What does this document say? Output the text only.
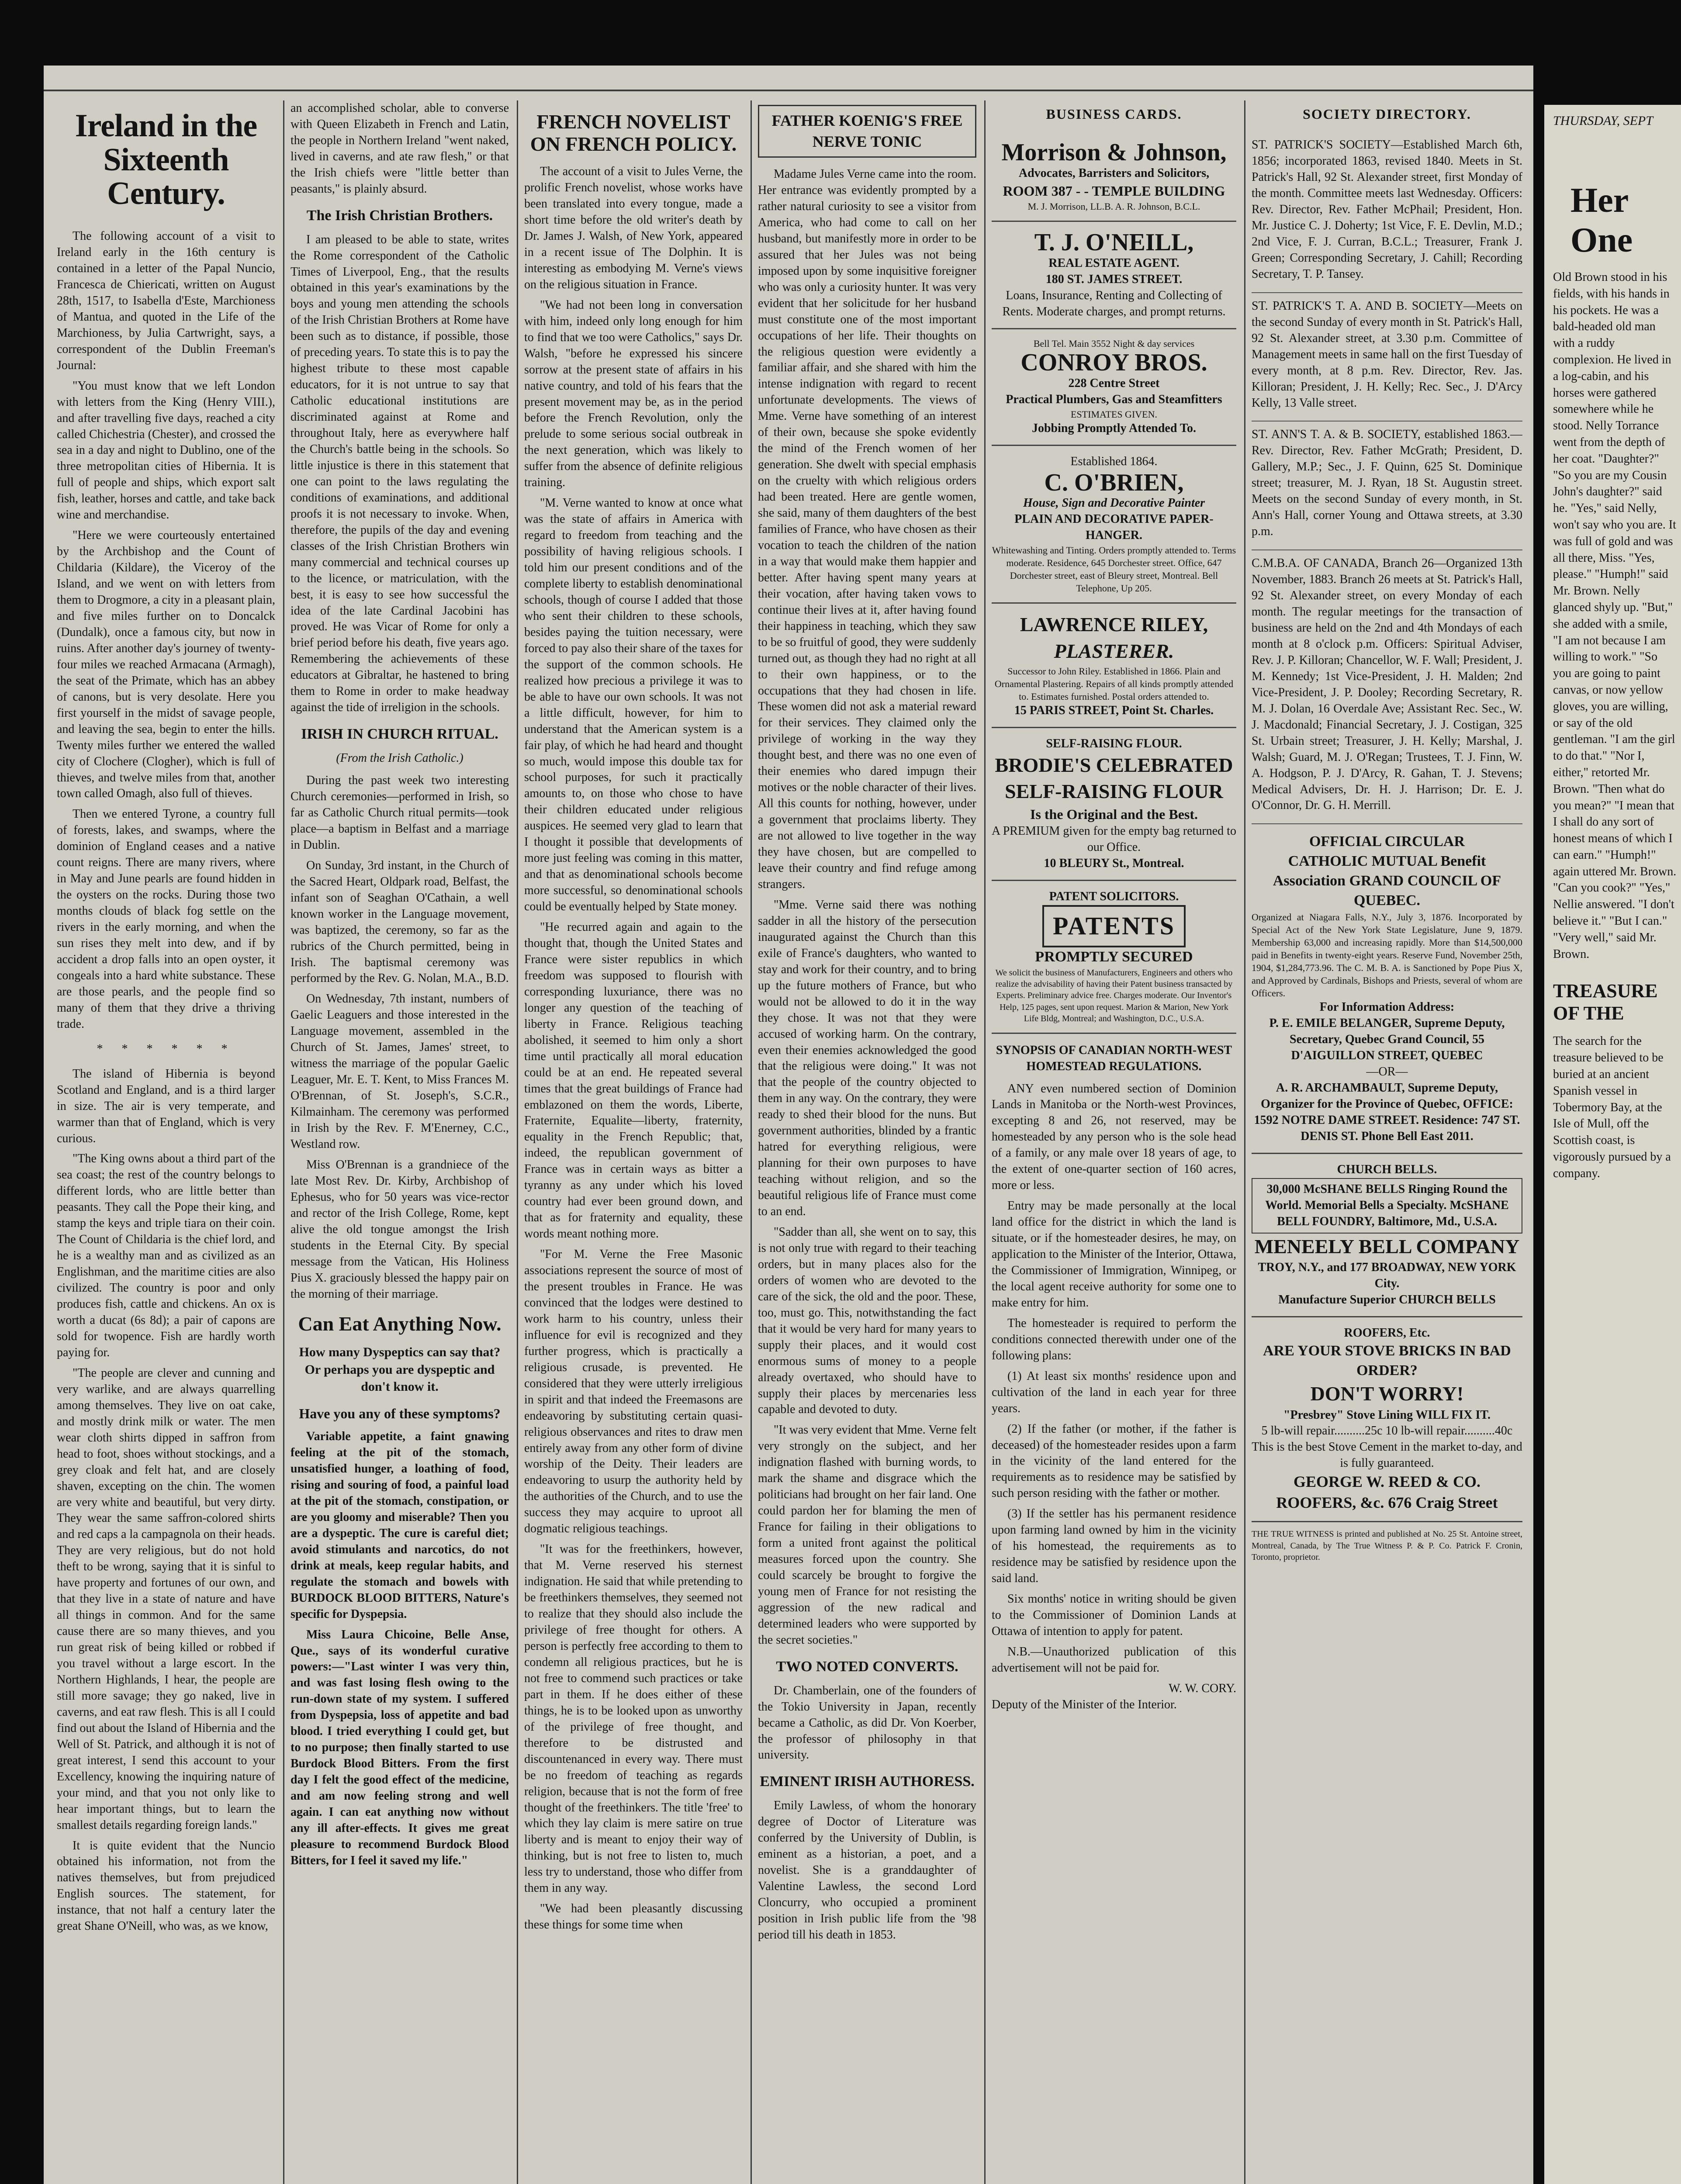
Ireland in the Sixteenth Century.

The following account of a visit to Ireland early in the 16th century is contained in a letter of the Papal Nuncio, Francesca de Chiericati, written on August 28th, 1517, to Isabella d'Este, Marchioness of Mantua, and quoted in the Life of the Marchioness, by Julia Cartwright, says, a correspondent of the Dublin Freeman's Journal:

"You must know that we left London with letters from the King (Henry VIII.), and after travelling five days, reached a city called Chichestria (Chester), and crossed the sea in a day and night to Dublino, one of the three metropolitan cities of Hibernia. It is full of people and ships, which export salt fish, leather, horses and cattle, and take back wine and merchandise.

"Here we were courteously entertained by the Archbishop and the Count of Childaria (Kildare), the Viceroy of the Island, and we went on with letters from them to Drogmore, a city in a pleasant plain, and five miles further on to Doncalck (Dundalk), once a famous city, but now in ruins. After another day's journey of twenty-four miles we reached Armacana (Armagh), the seat of the Primate, which has an abbey of canons, but is very desolate. Here you first yourself in the midst of savage people, and leaving the sea, begin to enter the hills. Twenty miles further we entered the walled city of Clochere (Clogher), which is full of thieves, and twelve miles from that, another town called Omagh, also full of thieves.

Then we entered Tyrone, a country full of forests, lakes, and swamps, where the dominion of England ceases and a native count reigns. There are many rivers, where in May and June pearls are found hidden in the oysters on the rocks. During those two months clouds of black fog settle on the rivers in the early morning, and when the sun rises they melt into dew, and if by accident a drop falls into an open oyster, it congeals into a hard white substance. These are those pearls, and the people find so many of them that they drive a thriving trade.

* * * * * *

The island of Hibernia is beyond Scotland and England, and is a third larger in size. The air is very temperate, and warmer than that of England, which is very curious.

"The King owns about a third part of the sea coast; the rest of the country belongs to different lords, who are little better than peasants. They call the Pope their king, and stamp the keys and triple tiara on their coin. The Count of Childaria is the chief lord, and he is a wealthy man and as civilized as an Englishman, and the maritime cities are also civilized. The country is poor and only produces fish, cattle and chickens. An ox is worth a ducat (6s 8d); a pair of capons are sold for twopence. Fish are hardly worth paying for.

"The people are clever and cunning and very warlike, and are always quarrelling among themselves. They live on oat cake, and mostly drink milk or water. The men wear cloth shirts dipped in saffron from head to foot, shoes without stockings, and a grey cloak and felt hat, and are closely shaven, excepting on the chin. The women are very white and beautiful, but very dirty. They wear the same saffron-colored shirts and red caps a la campagnola on their heads. They are very religious, but do not hold theft to be wrong, saying that it is sinful to have property and fortunes of our own, and that they live in a state of nature and have all things in common. And for the same cause there are so many thieves, and you run great risk of being killed or robbed if you travel without a large escort. In the Northern Highlands, I hear, the people are still more savage; they go naked, live in caverns, and eat raw flesh. This is all I could find out about the Island of Hibernia and the Well of St. Patrick, and although it is not of great interest, I send this account to your Excellency, knowing the inquiring nature of your mind, and that you not only like to hear important things, but to learn the smallest details regarding foreign lands."

It is quite evident that the Nuncio obtained his information, not from the natives themselves, but from prejudiced English sources. The statement, for instance, that not half a century later the great Shane O'Neill, who was, as we know,

an accomplished scholar, able to converse with Queen Elizabeth in French and Latin, the people in Northern Ireland "went naked, lived in caverns, and ate raw flesh," or that the Irish chiefs were "little better than peasants," is plainly absurd.

The Irish Christian Brothers.

I am pleased to be able to state, writes the Rome correspondent of the Catholic Times of Liverpool, Eng., that the results obtained in this year's examinations by the boys and young men attending the schools of the Irish Christian Brothers at Rome have been such as to distance, if possible, those of preceding years. To state this is to pay the highest tribute to these most capable educators, for it is not untrue to say that Catholic educational institutions are discriminated against at Rome and throughout Italy, here as everywhere half the Church's battle being in the schools. So little injustice is there in this statement that one can point to the laws regulating the conditions of examinations, and additional proofs it is not necessary to invoke. When, therefore, the pupils of the day and evening classes of the Irish Christian Brothers win many commercial and technical courses up to the licence, or matriculation, with the best, it is easy to see how successful the idea of the late Cardinal Jacobini has proved. He was Vicar of Rome for only a brief period before his death, five years ago. Remembering the achievements of these educators at Gibraltar, he hastened to bring them to Rome in order to make headway against the tide of irreligion in the schools.

IRISH IN CHURCH RITUAL.
(From the Irish Catholic.)

During the past week two interesting Church ceremonies—performed in Irish, so far as Catholic Church ritual permits—took place—a baptism in Belfast and a marriage in Dublin.

On Sunday, 3rd instant, in the Church of the Sacred Heart, Oldpark road, Belfast, the infant son of Seaghan O'Cathain, a well known worker in the Language movement, was baptized, the ceremony, so far as the rubrics of the Church permitted, being in Irish. The baptismal ceremony was performed by the Rev. G. Nolan, M.A., B.D.

On Wednesday, 7th instant, numbers of Gaelic Leaguers and those interested in the Language movement, assembled in the Church of St. James, James' street, to witness the marriage of the popular Gaelic Leaguer, Mr. E. T. Kent, to Miss Frances M. O'Brennan, of St. Joseph's, S.C.R., Kilmainham. The ceremony was performed in Irish by the Rev. F. M'Enerney, C.C., Westland row.

Miss O'Brennan is a grandniece of the late Most Rev. Dr. Kirby, Archbishop of Ephesus, who for 50 years was vice-rector and rector of the Irish College, Rome, kept alive the old tongue amongst the Irish students in the Eternal City. By special message from the Vatican, His Holiness Pius X. graciously blessed the happy pair on the morning of their marriage.

Can Eat Anything Now.
How many Dyspeptics can say that? Or perhaps you are dyspeptic and don't know it.
Have you any of these symptoms?

Variable appetite, a faint gnawing feeling at the pit of the stomach, unsatisfied hunger, a loathing of food, rising and souring of food, a painful load at the pit of the stomach, constipation, or are you gloomy and miserable? Then you are a dyspeptic. The cure is careful diet; avoid stimulants and narcotics, do not drink at meals, keep regular habits, and regulate the stomach and bowels with BURDOCK BLOOD BITTERS, Nature's specific for Dyspepsia.

Miss Laura Chicoine, Belle Anse, Que., says of its wonderful curative powers:—"Last winter I was very thin, and was fast losing flesh owing to the run-down state of my system. I suffered from Dyspepsia, loss of appetite and bad blood. I tried everything I could get, but to no purpose; then finally started to use Burdock Blood Bitters. From the first day I felt the good effect of the medicine, and am now feeling strong and well again. I can eat anything now without any ill after-effects. It gives me great pleasure to recommend Burdock Blood Bitters, for I feel it saved my life."

FRENCH NOVELIST ON FRENCH POLICY.

The account of a visit to Jules Verne, the prolific French novelist, whose works have been translated into every tongue, made a short time before the old writer's death by Dr. James J. Walsh, of New York, appeared in a recent issue of The Dolphin. It is interesting as embodying M. Verne's views on the religious situation in France.

"We had not been long in conversation with him, indeed only long enough for him to find that we too were Catholics," says Dr. Walsh, "before he expressed his sincere sorrow at the present state of affairs in his native country, and told of his fears that the present movement may be, as in the period before the French Revolution, only the prelude to some serious social outbreak in the next generation, which was likely to suffer from the absence of definite religious training.

"M. Verne wanted to know at once what was the state of affairs in America with regard to freedom from teaching and the possibility of having religious schools. I told him our present conditions and of the complete liberty to establish denominational schools, though of course I added that those who sent their children to these schools, besides paying the tuition necessary, were forced to pay also their share of the taxes for the support of the common schools. He realized how precious a privilege it was to be able to have our own schools. It was not a little difficult, however, for him to understand that the American system is a fair play, of which he had heard and thought so much, would impose this double tax for school purposes, for such it practically amounts to, on those who chose to have their children educated under religious auspices. He seemed very glad to learn that I thought it possible that developments of more just feeling was coming in this matter, and that as denominational schools become more successful, so denominational schools could be eventually helped by State money.

"He recurred again and again to the thought that, though the United States and France were sister republics in which freedom was supposed to flourish with corresponding luxuriance, there was no longer any question of the teaching of liberty in France. Religious teaching abolished, it seemed to him only a short time until practically all moral education could be at an end. He repeated several times that the great buildings of France had emblazoned on them the words, Liberte, Fraternite, Equalite—liberty, fraternity, equality in the French Republic; that, indeed, the republican government of France was in certain ways as bitter a tyranny as any under which his loved country had ever been ground down, and that as for fraternity and equality, these words meant nothing more.

"For M. Verne the Free Masonic associations represent the source of most of the present troubles in France. He was convinced that the lodges were destined to work harm to his country, unless their influence for evil is recognized and they further progress, which is practically a religious crusade, is prevented. He considered that they were utterly irreligious in spirit and that indeed the Freemasons are endeavoring by substituting certain quasi-religious observances and rites to draw men entirely away from any other form of divine worship of the Deity. Their leaders are endeavoring to usurp the authority held by the authorities of the Church, and to use the success they may acquire to uproot all dogmatic religious teachings.

"It was for the freethinkers, however, that M. Verne reserved his sternest indignation. He said that while pretending to be freethinkers themselves, they seemed not to realize that they should also include the privilege of free thought for others. A person is perfectly free according to them to condemn all religious practices, but he is not free to commend such practices or take part in them. If he does either of these things, he is to be looked upon as unworthy of the privilege of free thought, and therefore to be distrusted and discountenanced in every way. There must be no freedom of teaching as regards religion, because that is not the form of free thought of the freethinkers. The title 'free' to which they lay claim is mere satire on true liberty and is meant to enjoy their way of thinking, but is not free to listen to, much less try to understand, those who differ from them in any way.

"We had been pleasantly discussing these things for some time when

FATHER KOENIG'S FREE NERVE TONIC

Madame Jules Verne came into the room. Her entrance was evidently prompted by a rather natural curiosity to see a visitor from America, who had come to call on her husband, but manifestly more in order to be assured that her Jules was not being imposed upon by some inquisitive foreigner who was only a curiosity hunter. It was very evident that her solicitude for her husband must constitute one of the most important occupations of her life. Their thoughts on the religious question were evidently a familiar affair, and she shared with him the intense indignation with regard to recent unfortunate developments. The views of Mme. Verne have something of an interest of their own, because she spoke evidently the mind of the French women of her generation. She dwelt with special emphasis on the cruelty with which religious orders had been treated. Here are gentle women, she said, many of them daughters of the best families of France, who have chosen as their vocation to teach the children of the nation in a way that would make them happier and better. After having spent many years at their vocation, after having taken vows to continue their lives at it, after having found their happiness in teaching, which they saw to be so fruitful of good, they were suddenly turned out, as though they had no right at all to their own happiness, or to the occupations that they had chosen in life. These women did not ask a material reward for their services. They claimed only the privilege of working in the way they thought best, and there was no one even of their enemies who dared impugn their motives or the noble character of their lives. All this counts for nothing, however, under a government that proclaims liberty. They are not allowed to live together in the way they have chosen, but are compelled to leave their country and find refuge among strangers.

"Mme. Verne said there was nothing sadder in all the history of the persecution inaugurated against the Church than this exile of France's daughters, who wanted to stay and work for their country, and to bring up the future mothers of France, but who would not be allowed to do it in the way they chose. It was not that they were accused of working harm. On the contrary, even their enemies acknowledged the good that the religious were doing." It was not that the people of the country objected to them in any way. On the contrary, they were ready to shed their blood for the nuns. But government authorities, blinded by a frantic hatred for everything religious, were planning for their own purposes to have teaching without religion, and so the beautiful religious life of France must come to an end.

"Sadder than all, she went on to say, this is not only true with regard to their teaching orders, but in many places also for the orders of women who are devoted to the care of the sick, the old and the poor. These, too, must go. This, notwithstanding the fact that it would be very hard for many years to supply their places, and it would cost enormous sums of money to a people already overtaxed, who should have to supply their places by mercenaries less capable and devoted to duty.

"It was very evident that Mme. Verne felt very strongly on the subject, and her indignation flashed with burning words, to mark the shame and disgrace which the politicians had brought on her fair land. One could pardon her for blaming the men of France for failing in their obligations to form a united front against the political measures forced upon the country. She could scarcely be brought to forgive the young men of France for not resisting the aggression of the new radical and determined leaders who were supported by the secret societies."

TWO NOTED CONVERTS.

Dr. Chamberlain, one of the founders of the Tokio University in Japan, recently became a Catholic, as did Dr. Von Koerber, the professor of philosophy in that university.

EMINENT IRISH AUTHORESS.

Emily Lawless, of whom the honorary degree of Doctor of Literature was conferred by the University of Dublin, is eminent as a historian, a poet, and a novelist. She is a granddaughter of Valentine Lawless, the second Lord Cloncurry, who occupied a prominent position in Irish public life from the '98 period till his death in 1853.

BUSINESS CARDS.
Morrison & Johnson,
Advocates, Barristers and Solicitors,
ROOM 387 - - TEMPLE BUILDING
M. J. Morrison, LL.B. A. R. Johnson, B.C.L.
T. J. O'NEILL,
REAL ESTATE AGENT.
180 ST. JAMES STREET.
Loans, Insurance, Renting and Collecting of Rents. Moderate charges, and prompt returns.
Bell Tel. Main 3552 Night & day services
CONROY BROS.
228 Centre Street
Practical Plumbers, Gas and Steamfitters
ESTIMATES GIVEN.
Jobbing Promptly Attended To.
Established 1864.
C. O'BRIEN,
House, Sign and Decorative Painter
PLAIN AND DECORATIVE PAPER-HANGER.
Whitewashing and Tinting. Orders promptly attended to. Terms moderate. Residence, 645 Dorchester street. Office, 647 Dorchester street, east of Bleury street, Montreal. Bell Telephone, Up 205.
LAWRENCE RILEY,
PLASTERER.
Successor to John Riley. Established in 1866. Plain and Ornamental Plastering. Repairs of all kinds promptly attended to. Estimates furnished. Postal orders attended to.
15 PARIS STREET, Point St. Charles.
SELF-RAISING FLOUR.
BRODIE'S CELEBRATED SELF-RAISING FLOUR
Is the Original and the Best.
A PREMIUM given for the empty bag returned to our Office.
10 BLEURY St., Montreal.
PATENT SOLICITORS.
PATENTS
PROMPTLY SECURED
We solicit the business of Manufacturers, Engineers and others who realize the advisability of having their Patent business transacted by Experts. Preliminary advice free. Charges moderate. Our Inventor's Help, 125 pages, sent upon request. Marion & Marion, New York Life Bldg, Montreal; and Washington, D.C., U.S.A.
SYNOPSIS OF CANADIAN NORTH-WEST HOMESTEAD REGULATIONS.

ANY even numbered section of Dominion Lands in Manitoba or the North-west Provinces, excepting 8 and 26, not reserved, may be homesteaded by any person who is the sole head of a family, or any male over 18 years of age, to the extent of one-quarter section of 160 acres, more or less.

Entry may be made personally at the local land office for the district in which the land is situate, or if the homesteader desires, he may, on application to the Minister of the Interior, Ottawa, the Commissioner of Immigration, Winnipeg, or the local agent receive authority for some one to make entry for him.

The homesteader is required to perform the conditions connected therewith under one of the following plans:

(1) At least six months' residence upon and cultivation of the land in each year for three years.

(2) If the father (or mother, if the father is deceased) of the homesteader resides upon a farm in the vicinity of the land entered for the requirements as to residence may be satisfied by such person residing with the father or mother.

(3) If the settler has his permanent residence upon farming land owned by him in the vicinity of his homestead, the requirements as to residence may be satisfied by residence upon the said land.

Six months' notice in writing should be given to the Commissioner of Dominion Lands at Ottawa of intention to apply for patent.

N.B.—Unauthorized publication of this advertisement will not be paid for.

W. W. CORY.
Deputy of the Minister of the Interior.
SOCIETY DIRECTORY.

ST. PATRICK'S SOCIETY—Established March 6th, 1856; incorporated 1863, revised 1840. Meets in St. Patrick's Hall, 92 St. Alexander street, first Monday of the month. Committee meets last Wednesday. Officers: Rev. Director, Rev. Father McPhail; President, Hon. Mr. Justice C. J. Doherty; 1st Vice, F. E. Devlin, M.D.; 2nd Vice, F. J. Curran, B.C.L.; Treasurer, Frank J. Green; Corresponding Secretary, J. Cahill; Recording Secretary, T. P. Tansey.

ST. PATRICK'S T. A. AND B. SOCIETY—Meets on the second Sunday of every month in St. Patrick's Hall, 92 St. Alexander street, at 3.30 p.m. Committee of Management meets in same hall on the first Tuesday of every month, at 8 p.m. Rev. Director, Rev. Jas. Killoran; President, J. H. Kelly; Rec. Sec., J. D'Arcy Kelly, 13 Valle street.

ST. ANN'S T. A. & B. SOCIETY, established 1863.—Rev. Director, Rev. Father McGrath; President, D. Gallery, M.P.; Sec., J. F. Quinn, 625 St. Dominique street; treasurer, M. J. Ryan, 18 St. Augustin street. Meets on the second Sunday of every month, in St. Ann's Hall, corner Young and Ottawa streets, at 3.30 p.m.

C.M.B.A. OF CANADA, Branch 26—Organized 13th November, 1883. Branch 26 meets at St. Patrick's Hall, 92 St. Alexander street, on every Monday of each month. The regular meetings for the transaction of business are held on the 2nd and 4th Mondays of each month at 8 o'clock p.m. Officers: Spiritual Adviser, Rev. J. P. Killoran; Chancellor, W. F. Wall; President, J. M. Kennedy; 1st Vice-President, J. H. Malden; 2nd Vice-President, J. P. Dooley; Recording Secretary, R. M. J. Dolan, 16 Overdale Ave; Assistant Rec. Sec., W. J. Macdonald; Financial Secretary, J. J. Costigan, 325 St. Urbain street; Treasurer, J. H. Kelly; Marshal, J. Walsh; Guard, M. J. O'Regan; Trustees, T. J. Finn, W. A. Hodgson, P. J. D'Arcy, R. Gahan, T. J. Stevens; Medical Advisers, Dr. H. J. Harrison; Dr. E. J. O'Connor, Dr. G. H. Merrill.

OFFICIAL CIRCULAR
CATHOLIC MUTUAL Benefit Association GRAND COUNCIL OF QUEBEC.
Organized at Niagara Falls, N.Y., July 3, 1876. Incorporated by Special Act of the New York State Legislature, June 9, 1879. Membership 63,000 and increasing rapidly. More than $14,500,000 paid in Benefits in twenty-eight years. Reserve Fund, November 25th, 1904, $1,284,773.96. The C. M. B. A. is Sanctioned by Pope Pius X, and Approved by Cardinals, Bishops and Priests, several of whom are Officers.
For Information Address:
P. E. EMILE BELANGER, Supreme Deputy, Secretary, Quebec Grand Council, 55 D'AIGUILLON STREET, QUEBEC
—OR—
A. R. ARCHAMBAULT, Supreme Deputy, Organizer for the Province of Quebec, OFFICE: 1592 NOTRE DAME STREET. Residence: 747 ST. DENIS ST. Phone Bell East 2011.
CHURCH BELLS.
30,000 McSHANE BELLS Ringing Round the World. Memorial Bells a Specialty. McSHANE BELL FOUNDRY, Baltimore, Md., U.S.A.
MENEELY BELL COMPANY
TROY, N.Y., and 177 BROADWAY, NEW YORK City.
Manufacture Superior CHURCH BELLS
ROOFERS, Etc.
ARE YOUR STOVE BRICKS IN BAD ORDER?
DON'T WORRY!
"Presbrey" Stove Lining WILL FIX IT.
5 lb-will repair..........25c 10 lb-will repair..........40c
This is the best Stove Cement in the market to-day, and is fully guaranteed.
GEORGE W. REED & CO. ROOFERS, &c. 676 Craig Street
THE TRUE WITNESS is printed and published at No. 25 St. Antoine street, Montreal, Canada, by The True Witness P. & P. Co. Patrick F. Cronin, Toronto, proprietor.
THURSDAY, SEPT
Her One
Old Brown stood in his fields, with his hands in his pockets. He was a bald-headed old man with a ruddy complexion. He lived in a log-cabin, and his horses were gathered somewhere while he stood. Nelly Torrance went from the depth of her coat. "Daughter?" "So you are my Cousin John's daughter?" said he. "Yes," said Nelly, won't say who you are. It was full of gold and was all there, Miss. "Yes, please." "Humph!" said Mr. Brown. Nelly glanced shyly up. "But," she added with a smile, "I am not because I am willing to work." "So you are going to paint canvas, or now yellow gloves, you are willing, or say of the old gentleman. "I am the girl to do that." "Nor I, either," retorted Mr. Brown. "Then what do you mean?" "I mean that I shall do any sort of honest means of which I can earn." "Humph!" again uttered Mr. Brown. "Can you cook?" "Yes," Nellie answered. "I don't believe it." "But I can." "Very well," said Mr. Brown.
TREASURE OF THE
The search for the treasure believed to be buried at an ancient Spanish vessel in Tobermory Bay, at the Isle of Mull, off the Scottish coast, is vigorously pursued by a company.
